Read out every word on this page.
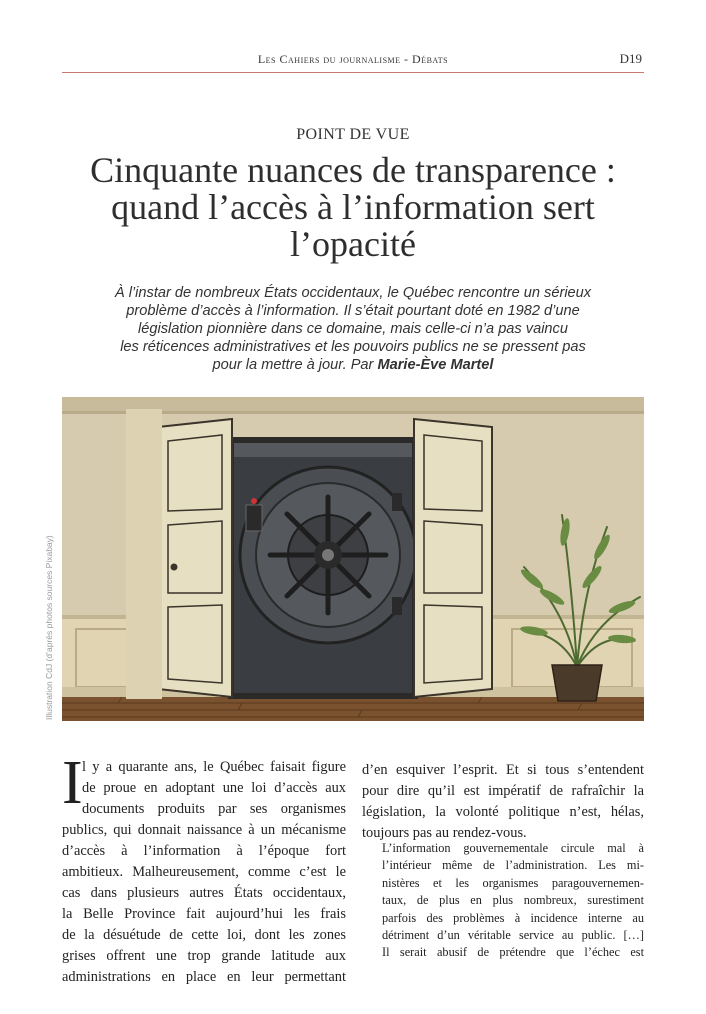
Les Cahiers du journalisme - Débats	D19
POINT DE VUE
Cinquante nuances de transparence :
quand l’accès à l’information sert
l’opacité
À l’instar de nombreux États occidentaux, le Québec rencontre un sérieux
problème d’accès à l’information. Il s’était pourtant doté en 1982 d’une
législation pionnière dans ce domaine, mais celle-ci n’a pas vaincu
les réticences administratives et les pouvoirs publics ne se pressent pas
pour la mettre à jour. Par Marie-Ève Martel
Illustration CdJ (d’après photos sources Pixabay)
I l y a quarante ans, le Québec faisait figure
de proue en adoptant une loi d’accès aux
documents produits par ses organismes
publics, qui donnait naissance à un mécanisme
d’accès à l’information à l’époque fort
ambitieux. Malheureusement, comme c’est le
cas dans plusieurs autres États occidentaux,
la Belle Province fait aujourd’hui les frais
de la désuétude de cette loi, dont les zones
grises offrent une trop grande latitude aux
administrations en place en leur permettant
d’en esquiver l’esprit. Et si tous s’entendent
pour dire qu’il est impératif de rafraîchir la
législation, la volonté politique n’est, hélas,
toujours pas au rendez-vous.
L’information gouvernementale circule mal à
l’intérieur même de l’administration. Les mi-
nistères et les organismes paragouvernemen-
taux, de plus en plus nombreux, surestiment
parfois des problèmes à incidence interne au
détriment d’un véritable service au public. […]
Il serait abusif de prétendre que l’échec est
